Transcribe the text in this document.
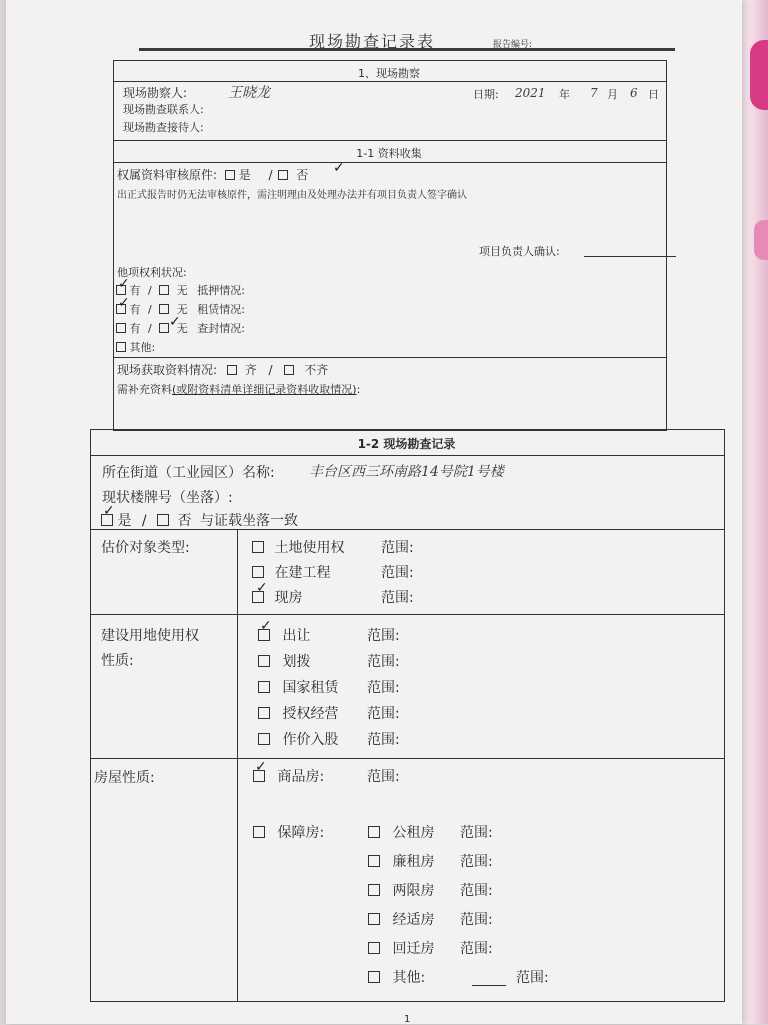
现场勘查记录表	报告编号:
1、现场勘察
现场勘察人:	王晓龙
现场勘查联系人:
现场勘查接待人:
日期: 2021 年 7 月 6 日
1-1 资料收集
权属资料审核原件: 是 / 否 ✓
出正式报告时仍无法审核原件，需注明理由及处理办法并有项目负责人签字确认
项目负责人确认:
他项权利状况:
有 / 无 抵押情况:
有 / 无 租赁情况:
有 / 无 查封情况:
其他:
✓
✓
✓
现场获取资料情况: 齐 /	不齐
需补充资料(或附资料清单详细记录资料收取情况):
1-2 现场勘查记录
所在街道（工业园区）名称: 丰台区西三环南路14号院1号楼
现状楼牌号（坐落）:
是 / 否 与证载坐落一致
✓
估价对象类型:	土地使用权	范围:
在建工程	范围:
现房	范围:
✓
建设用地使用权
性质:
出让	范围:
✓
划拨	范围:
国家租赁 范围:
授权经营 范围:
作价入股 范围:
房屋性质:	商品房:	范围:
✓
保障房:	公租房 范围:
廉租房 范围:
两限房 范围:
经适房 范围:
回迁房 范围:
其他:	范围:
1
